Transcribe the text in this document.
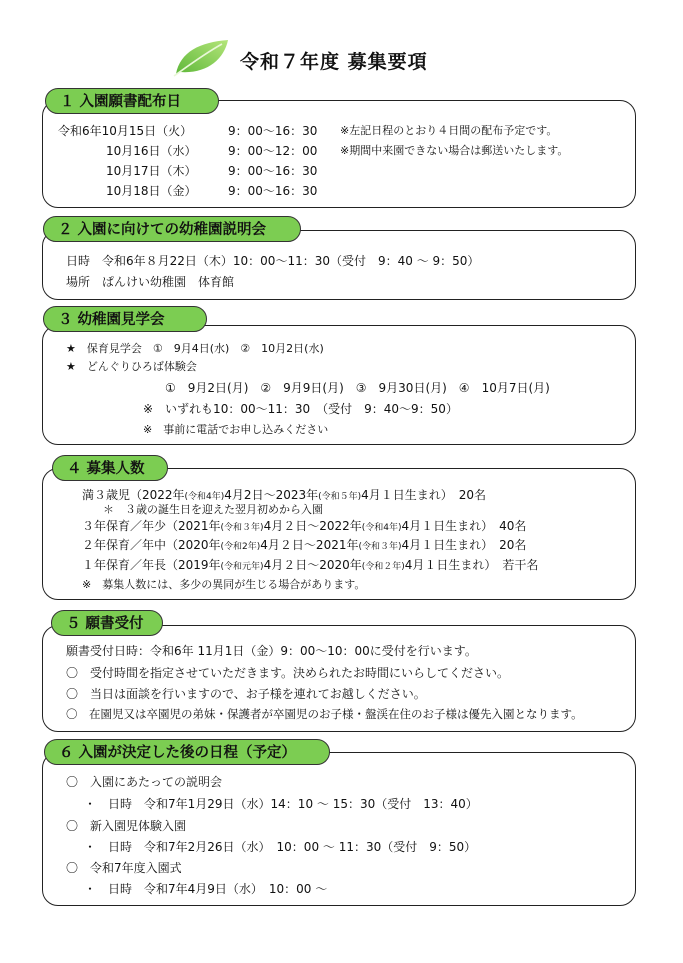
令和７年度 募集要項
１ 入園願書配布日
令和6年10月15日（火）	9：00〜16：30 ※左記日程のとおり４日間の配布予定です。
10月16日（水）	9：00〜12：00 ※期間中来園できない場合は郵送いたします。
10月17日（木）	9：00〜16：30
10月18日（金）	9：00〜16：30
２ 入園に向けての幼稚園説明会
日時　令和6年８月22日（木）10：00〜11：30（受付　9：40 〜 9：50）
場所　ぱんけい幼稚園　体育館
３ 幼稚園見学会
★　保育見学会　①　9月4日(水)　②　10月2日(水)
★　どんぐりひろば体験会
①　9月2日(月)　②　9月9日(月)　③　9月30日(月)　④　10月7日(月)
※　いずれも10：00〜11：30　（受付　9：40〜9：50）
※　事前に電話でお申し込みください
４ 募集人数
満３歳児（2022年(令和4年)4月2日〜2023年(令和５年)4月１日生まれ）　20名
＊　３歳の誕生日を迎えた翌月初めから入園
３年保育／年少（2021年(令和３年)4月２日〜2022年(令和4年)4月１日生まれ）　40名
２年保育／年中（2020年(令和2年)4月２日〜2021年(令和３年)4月１日生まれ）　20名
１年保育／年長（2019年(令和元年)4月２日〜2020年(令和２年)4月１日生まれ）　若干名
※　募集人数には、多少の異同が生じる場合があります。
５ 願書受付
願書受付日時：令和6年 11月1日（金）9：00〜10：00に受付を行います。
〇　受付時間を指定させていただきます。決められたお時間にいらしてください。
〇　当日は面談を行いますので、お子様を連れてお越しください。
〇　在園児又は卒園児の弟妹・保護者が卒園児のお子様・盤渓在住のお子様は優先入園となります。
６ 入園が決定した後の日程（予定）
〇　入園にあたっての説明会
・　日時　令和7年1月29日（水）14：10 〜 15：30（受付　13：40）
〇　新入園児体験入園
・　日時　令和7年2月26日（水）　10：00 〜 11：30（受付　9：50）
〇　令和7年度入園式
・　日時　令和7年4月9日（水）　10：00 〜
